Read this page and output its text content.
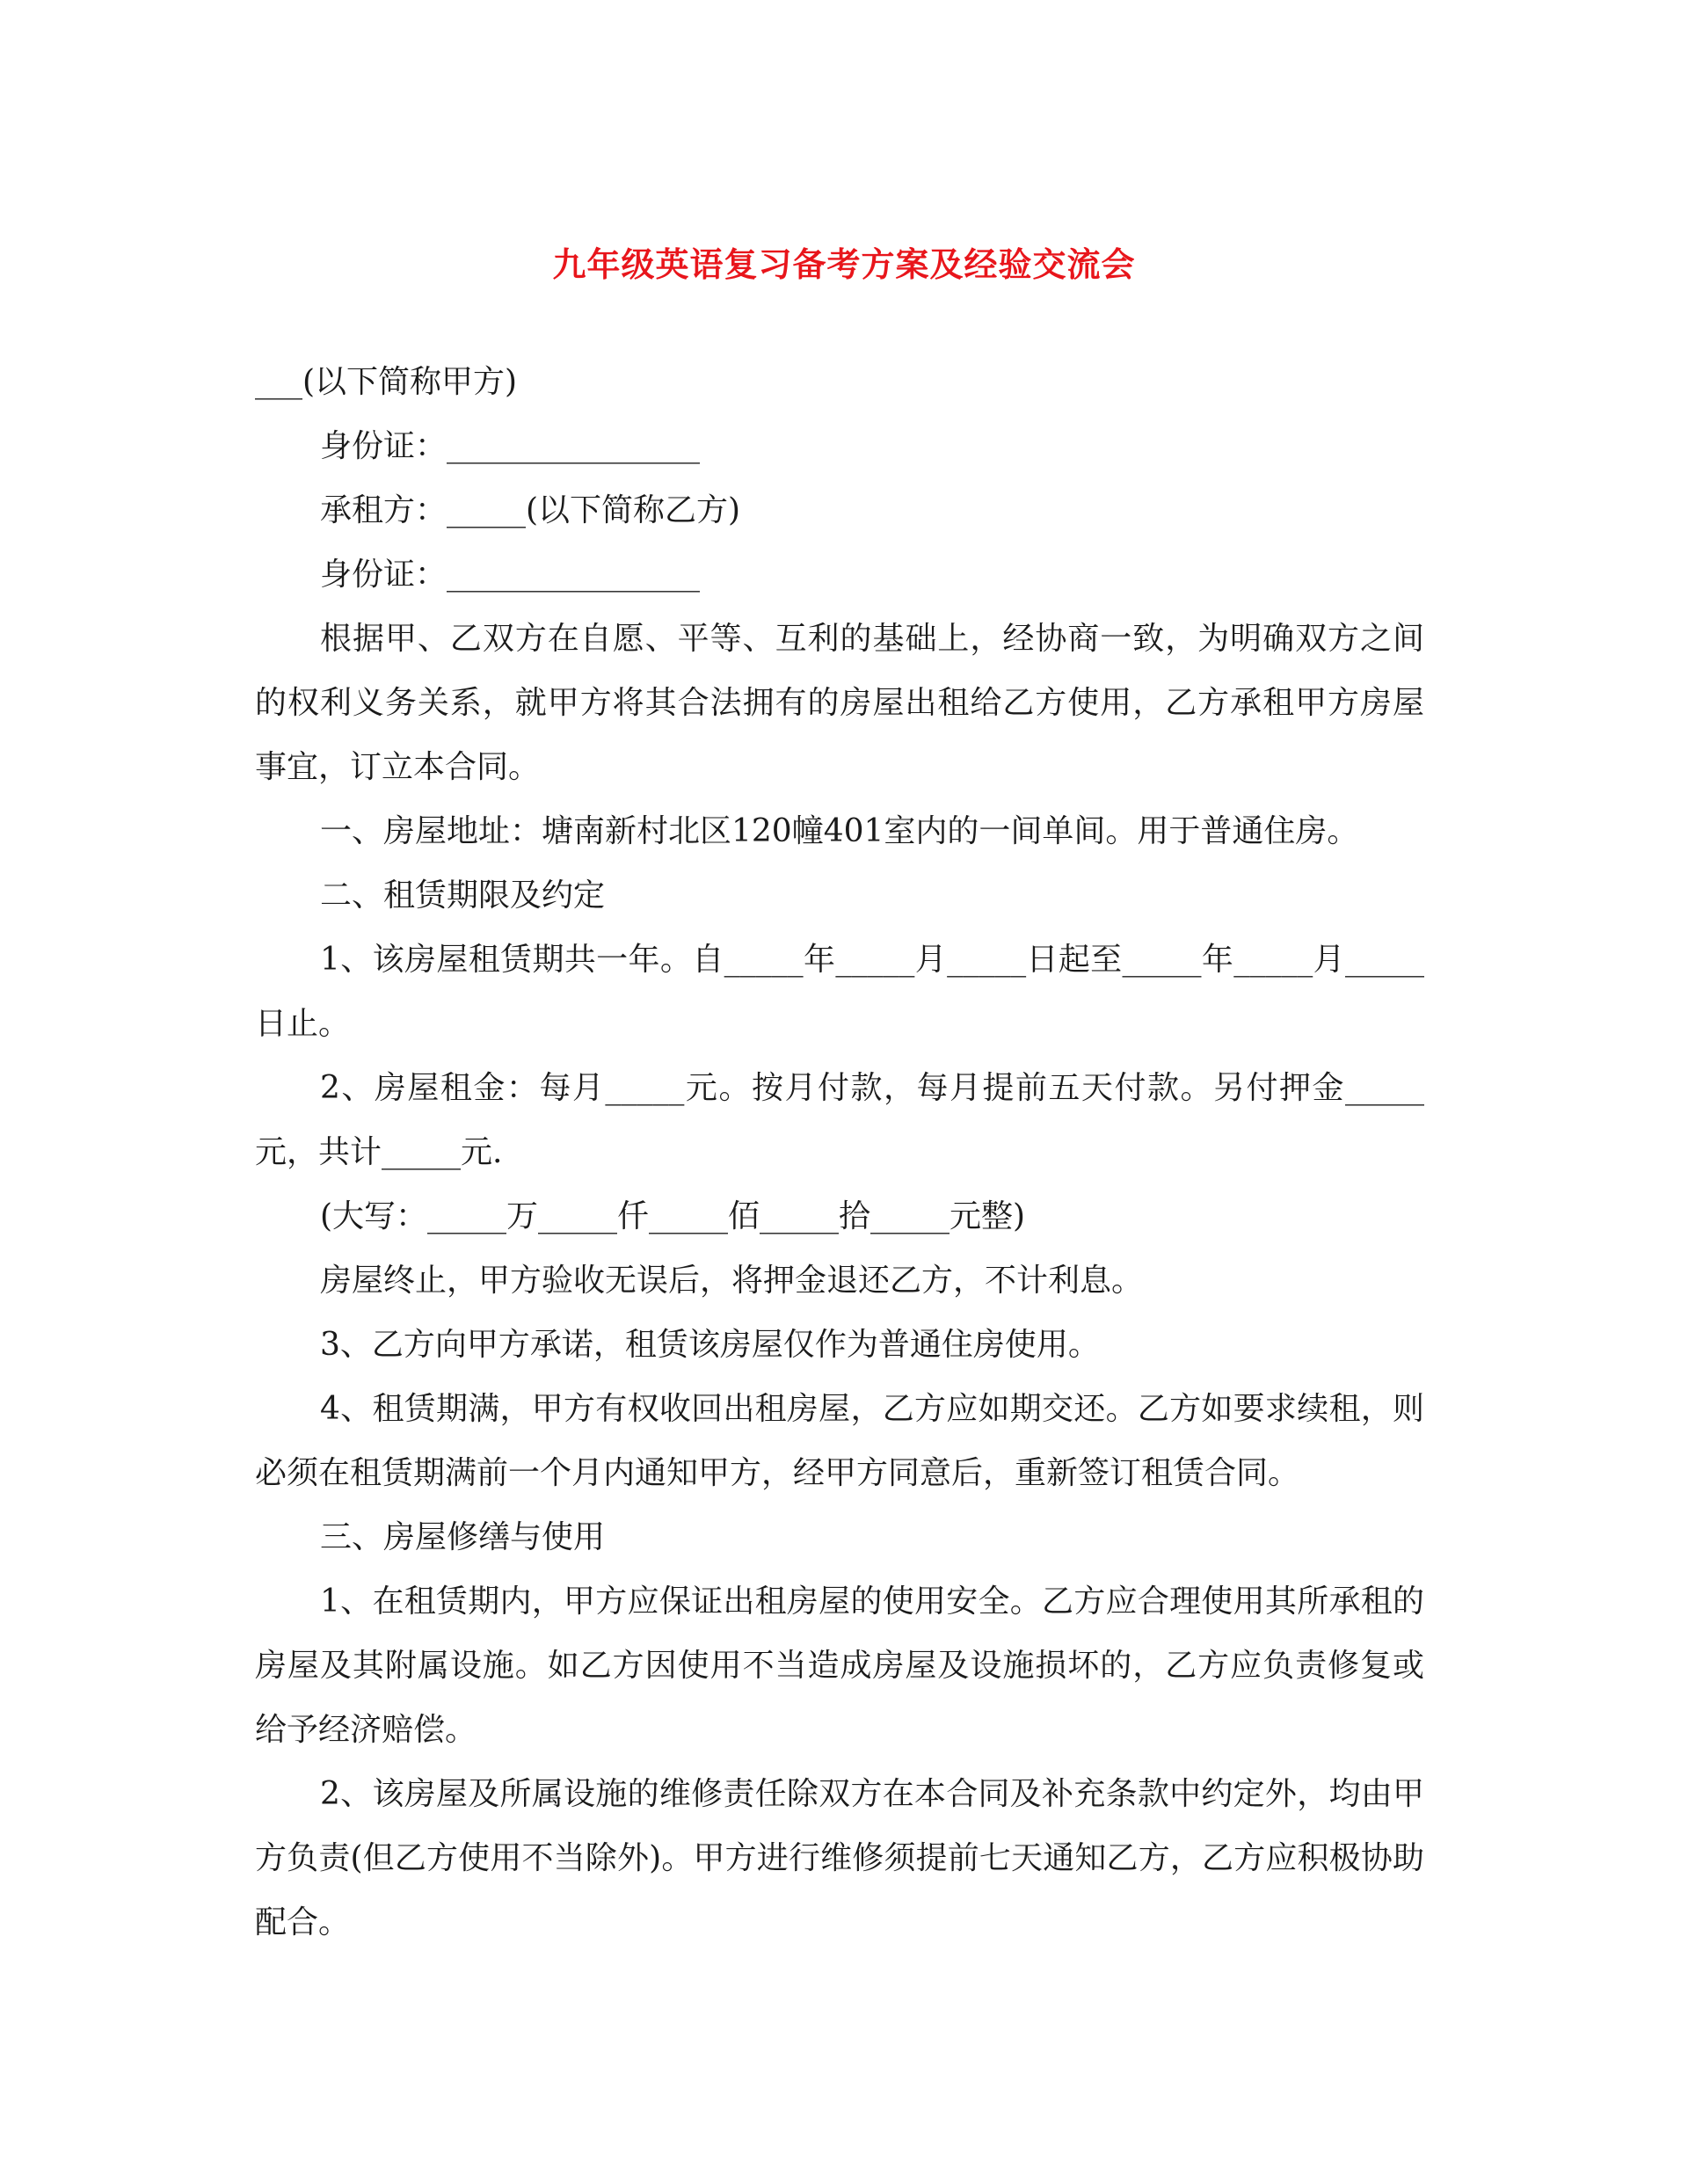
九年级英语复习备考方案及经验交流会

___(以下简称甲方)

身份证：________________

承租方：_____(以下简称乙方)

身份证：________________

根据甲、乙双方在自愿、平等、互利的基础上，经协商一致，为明确双方之间的权利义务关系，就甲方将其合法拥有的房屋出租给乙方使用，乙方承租甲方房屋事宜，订立本合同。

一、房屋地址：塘南新村北区120幢401室内的一间单间。用于普通住房。

二、租赁期限及约定

1、该房屋租赁期共一年。自_____年_____月_____日起至_____年_____月_____日止。

2、房屋租金：每月_____元。按月付款，每月提前五天付款。另付押金_____元，共计_____元.

(大写：_____万_____仟_____佰_____拾_____元整)

房屋终止，甲方验收无误后，将押金退还乙方，不计利息。

3、乙方向甲方承诺，租赁该房屋仅作为普通住房使用。

4、租赁期满，甲方有权收回出租房屋，乙方应如期交还。乙方如要求续租，则必须在租赁期满前一个月内通知甲方，经甲方同意后，重新签订租赁合同。

三、房屋修缮与使用

1、在租赁期内，甲方应保证出租房屋的使用安全。乙方应合理使用其所承租的房屋及其附属设施。如乙方因使用不当造成房屋及设施损坏的，乙方应负责修复或给予经济赔偿。

2、该房屋及所属设施的维修责任除双方在本合同及补充条款中约定外，均由甲方负责(但乙方使用不当除外)。甲方进行维修须提前七天通知乙方，乙方应积极协助配合。
